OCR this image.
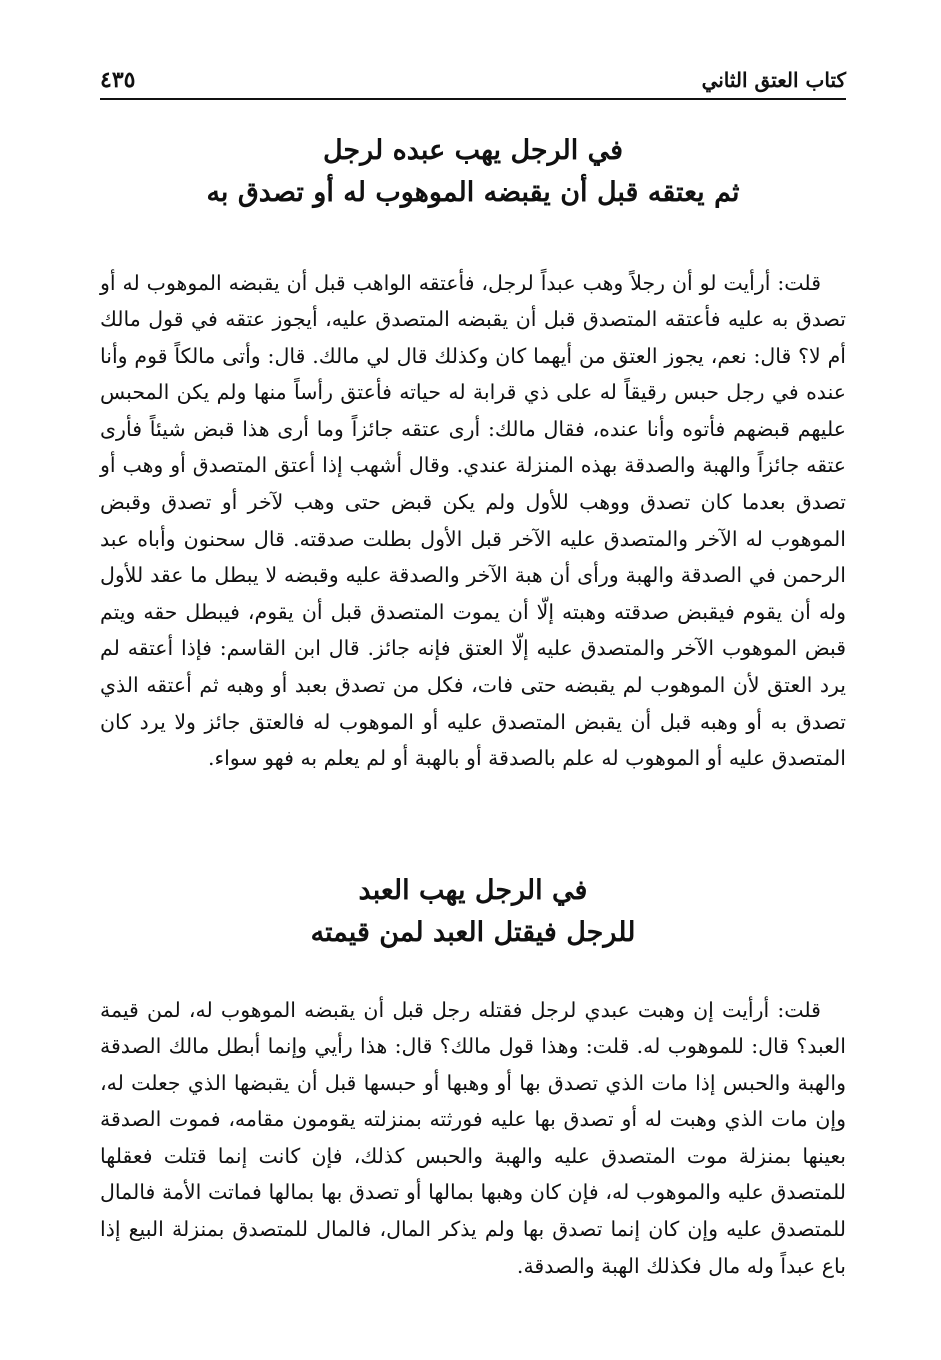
كتاب العتق الثاني
٤٣٥
في الرجل يهب عبده لرجل
ثم يعتقه قبل أن يقبضه الموهوب له أو تصدق به

قلت: أرأيت لو أن رجلاً وهب عبداً لرجل، فأعتقه الواهب قبل أن يقبضه الموهوب له أو تصدق به عليه فأعتقه المتصدق قبل أن يقبضه المتصدق عليه، أيجوز عتقه في قول مالك أم لا؟ قال: نعم، يجوز العتق من أيهما كان وكذلك قال لي مالك. قال: وأتى مالكاً قوم وأنا عنده في رجل حبس رقيقاً له على ذي قرابة له حياته فأعتق رأساً منها ولم يكن المحبس عليهم قبضهم فأتوه وأنا عنده، فقال مالك: أرى عتقه جائزاً وما أرى هذا قبض شيئاً فأرى عتقه جائزاً والهبة والصدقة بهذه المنزلة عندي. وقال أشهب إذا أعتق المتصدق أو وهب أو تصدق بعدما كان تصدق ووهب للأول ولم يكن قبض حتى وهب لآخر أو تصدق وقبض الموهوب له الآخر والمتصدق عليه الآخر قبل الأول بطلت صدقته. قال سحنون وأباه عبد الرحمن في الصدقة والهبة ورأى أن هبة الآخر والصدقة عليه وقبضه لا يبطل ما عقد للأول وله أن يقوم فيقبض صدقته وهبته إلّا أن يموت المتصدق قبل أن يقوم، فيبطل حقه ويتم قبض الموهوب الآخر والمتصدق عليه إلّا العتق فإنه جائز. قال ابن القاسم: فإذا أعتقه لم يرد العتق لأن الموهوب لم يقبضه حتى فات، فكل من تصدق بعبد أو وهبه ثم أعتقه الذي تصدق به أو وهبه قبل أن يقبض المتصدق عليه أو الموهوب له فالعتق جائز ولا يرد كان المتصدق عليه أو الموهوب له علم بالصدقة أو بالهبة أو لم يعلم به فهو سواء.

في الرجل يهب العبد
للرجل فيقتل العبد لمن قيمته

قلت: أرأيت إن وهبت عبدي لرجل فقتله رجل قبل أن يقبضه الموهوب له، لمن قيمة العبد؟ قال: للموهوب له. قلت: وهذا قول مالك؟ قال: هذا رأيي وإنما أبطل مالك الصدقة والهبة والحبس إذا مات الذي تصدق بها أو وهبها أو حبسها قبل أن يقبضها الذي جعلت له، وإن مات الذي وهبت له أو تصدق بها عليه فورثته بمنزلته يقومون مقامه، فموت الصدقة بعينها بمنزلة موت المتصدق عليه والهبة والحبس كذلك، فإن كانت إنما قتلت فعقلها للمتصدق عليه والموهوب له، فإن كان وهبها بمالها أو تصدق بها بمالها فماتت الأمة فالمال للمتصدق عليه وإن كان إنما تصدق بها ولم يذكر المال، فالمال للمتصدق بمنزلة البيع إذا باع عبداً وله مال فكذلك الهبة والصدقة.
